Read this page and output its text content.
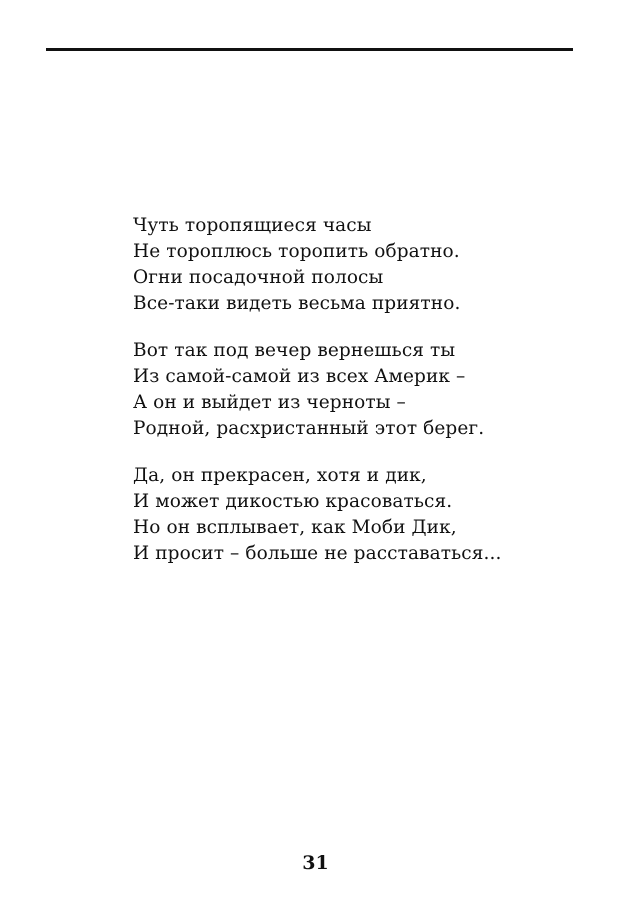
Чуть торопящиеся часы
Не тороплюсь торопить обратно.
Огни посадочной полосы
Все-таки видеть весьма приятно.
Вот так под вечер вернешься ты
Из самой-самой из всех Америк –
А он и выйдет из черноты –
Родной, расхристанный этот берег.
Да, он прекрасен, хотя и дик,
И может дикостью красоваться.
Но он всплывает, как Моби Дик,
И просит – больше не расставаться...
31
